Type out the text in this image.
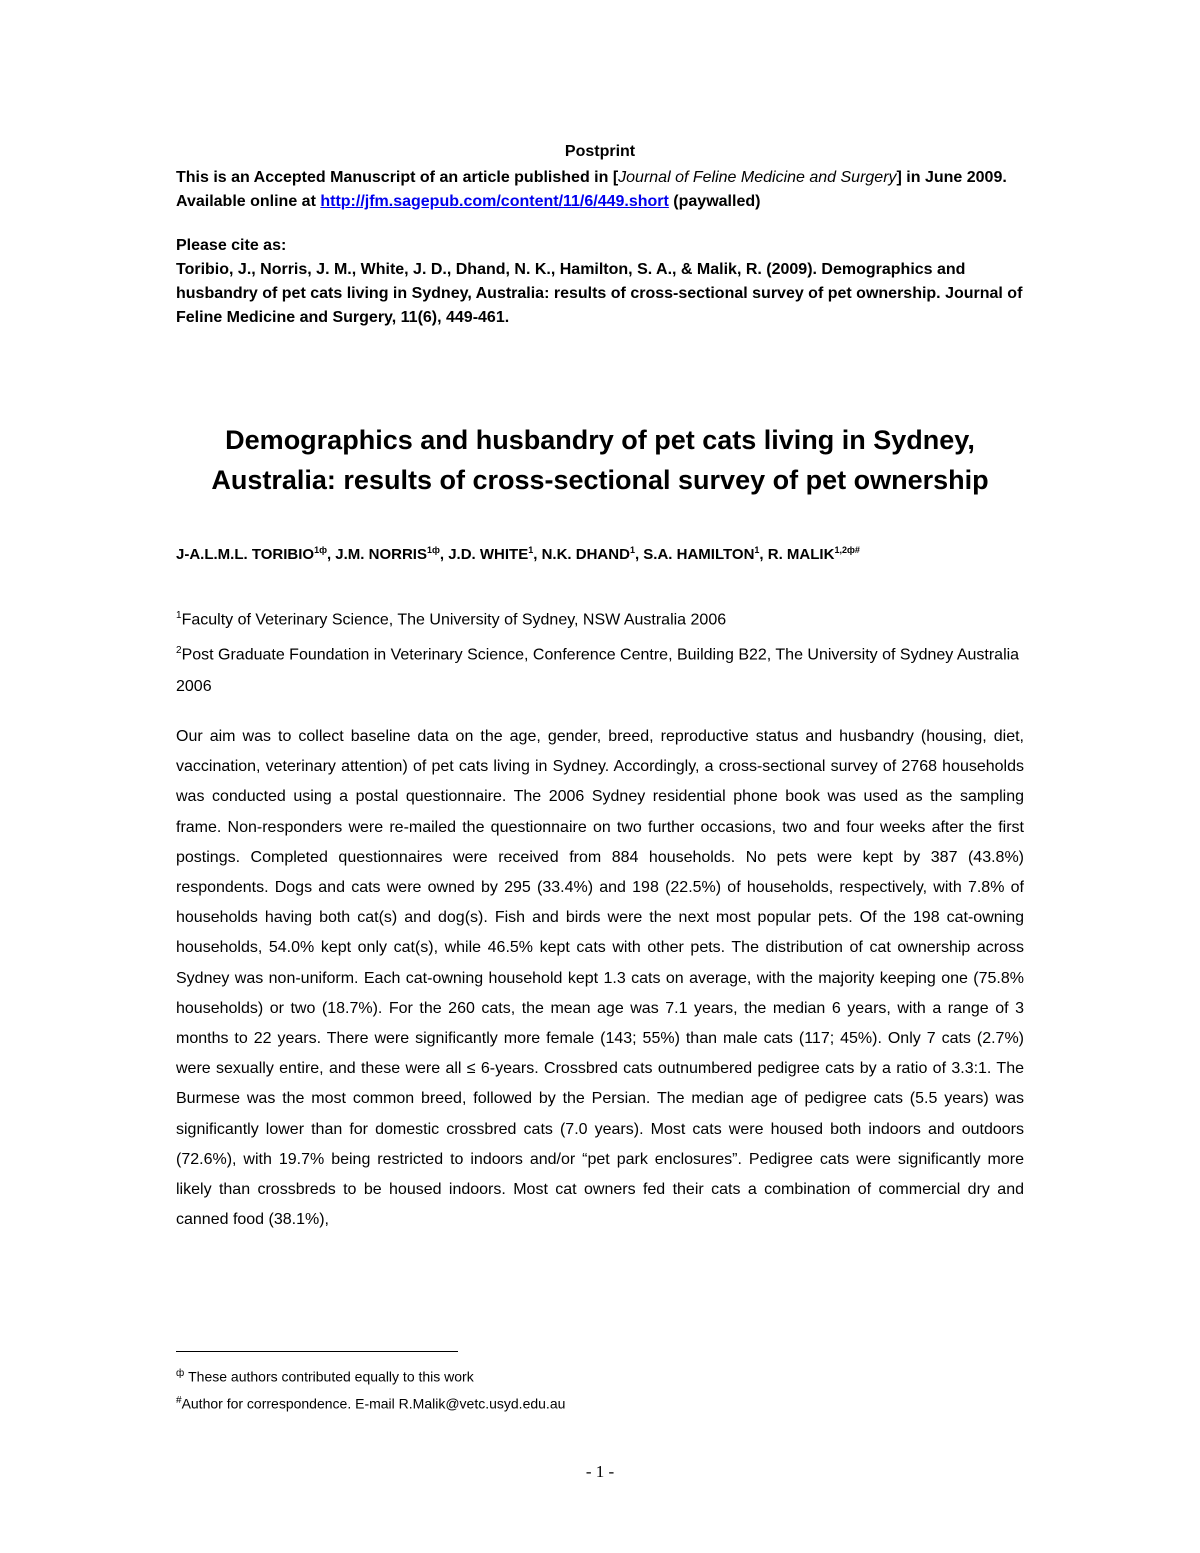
Postprint

This is an Accepted Manuscript of an article published in [Journal of Feline Medicine and Surgery] in June 2009. Available online at http://jfm.sagepub.com/content/11/6/449.short (paywalled)

Please cite as:

Toribio, J., Norris, J. M., White, J. D., Dhand, N. K., Hamilton, S. A., & Malik, R. (2009). Demographics and husbandry of pet cats living in Sydney, Australia: results of cross-sectional survey of pet ownership. Journal of Feline Medicine and Surgery, 11(6), 449-461.

Demographics and husbandry of pet cats living in Sydney,
Australia: results of cross-sectional survey of pet ownership
J-A.L.M.L. $TORIBIO^{1ф}$, J.M. $NORRIS^{1ф}$, J.D. WHITE$^1$, N.K. DHAND$^1$, S.A. HAMILTON$^1$, R. $MALIK^{1,2ф\#}$

$^1$Faculty of Veterinary Science, The University of Sydney, NSW Australia 2006

$^2$Post Graduate Foundation in Veterinary Science, Conference Centre, Building B22, The University of Sydney Australia 2006

Our aim was to collect baseline data on the age, gender, breed, reproductive status and husbandry (housing, diet, vaccination, veterinary attention) of pet cats living in Sydney. Accordingly, a cross-sectional survey of 2768 households was conducted using a postal questionnaire. The 2006 Sydney residential phone book was used as the sampling frame. Non-responders were re-mailed the questionnaire on two further occasions, two and four weeks after the first postings. Completed questionnaires were received from 884 households. No pets were kept by 387 (43.8%) respondents. Dogs and cats were owned by 295 (33.4%) and 198 (22.5%) of households, respectively, with 7.8% of households having both cat(s) and dog(s). Fish and birds were the next most popular pets. Of the 198 cat-owning households, 54.0% kept only cat(s), while 46.5% kept cats with other pets. The distribution of cat ownership across Sydney was non-uniform. Each cat-owning household kept 1.3 cats on average, with the majority keeping one (75.8% households) or two (18.7%). For the 260 cats, the mean age was 7.1 years, the median 6 years, with a range of 3 months to 22 years. There were significantly more female (143; 55%) than male cats (117; 45%). Only 7 cats (2.7%) were sexually entire, and these were all ≤ 6-years. Crossbred cats outnumbered pedigree cats by a ratio of 3.3:1. The Burmese was the most common breed, followed by the Persian. The median age of pedigree cats (5.5 years) was significantly lower than for domestic crossbred cats (7.0 years). Most cats were housed both indoors and outdoors (72.6%), with 19.7% being restricted to indoors and/or “pet park enclosures”. Pedigree cats were significantly more likely than crossbreds to be housed indoors. Most cat owners fed their cats a combination of commercial dry and canned food (38.1%),

$^ф$ These authors contributed equally to this work

#Author for correspondence. E-mail R.Malik@vetc.usyd.edu.au

- 1 -
